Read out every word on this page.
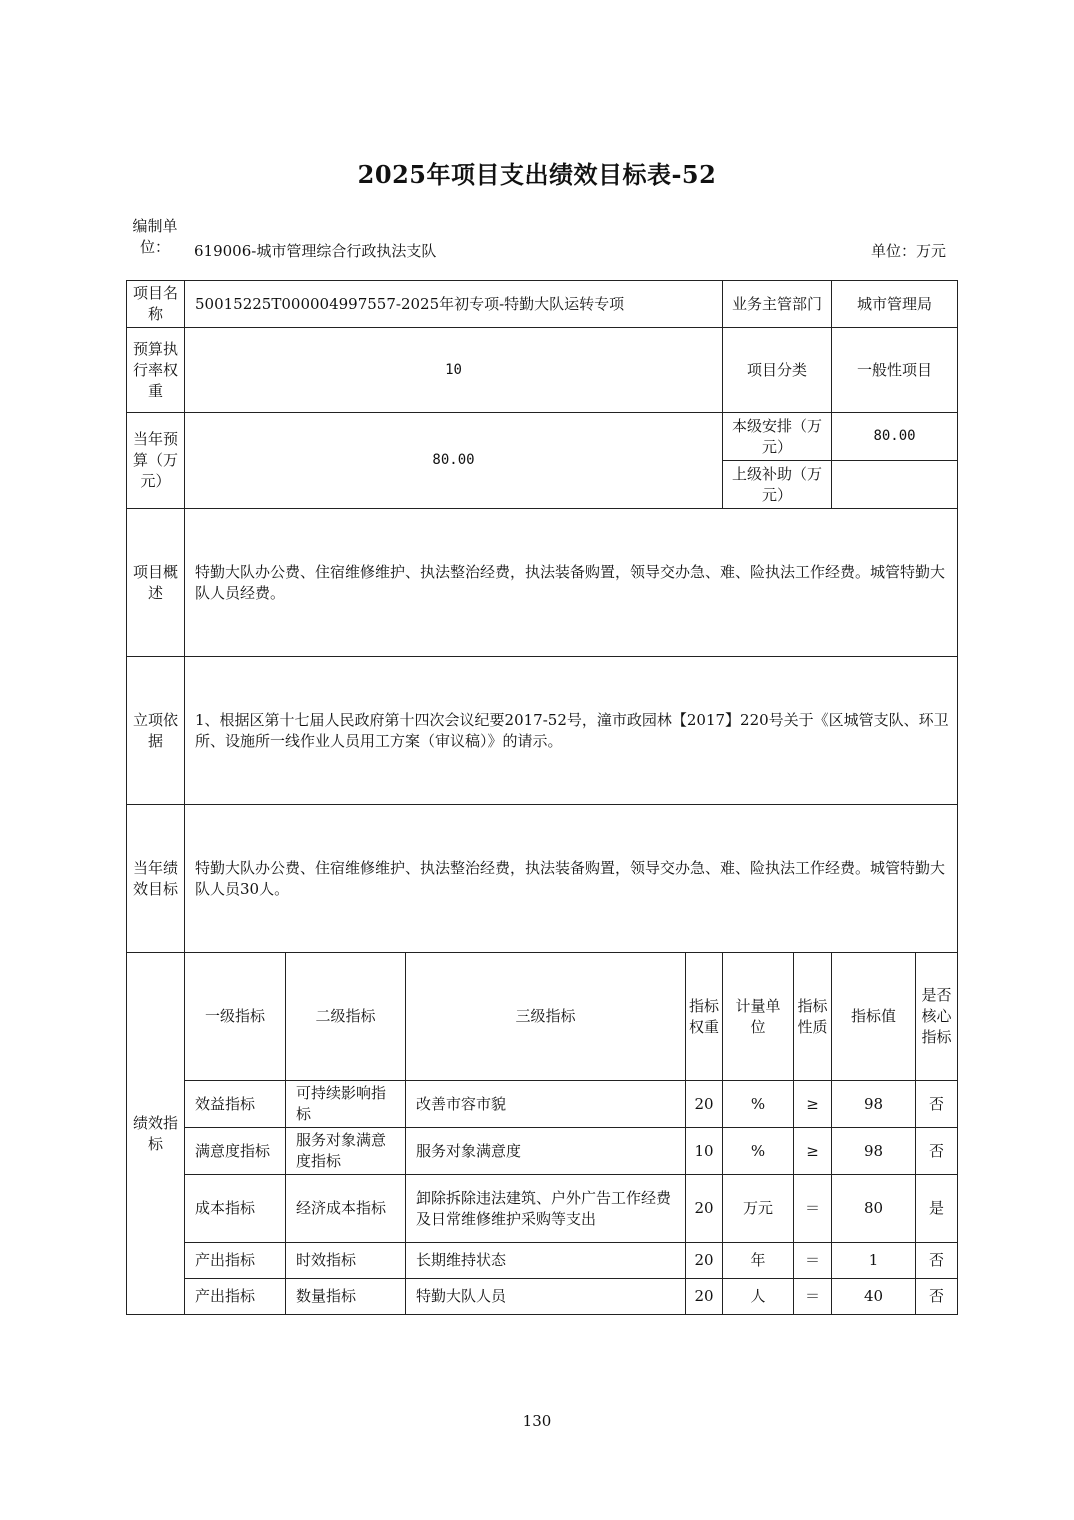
2025年项目支出绩效目标表-52
编制单位：	619006-城市管理综合行政执法支队	单位：万元
项目名称	50015225T000004997557-2025年初专项-特勤大队运转专项				业务主管部门		城市管理局	
预算执行率权重	10				项目分类		一般性项目	
当年预算（万元）	80.00				本级安排（万元）		80.00	
					上级补助（万元）			
项目概述	特勤大队办公费、住宿维修维护、执法整治经费，执法装备购置，领导交办急、难、险执法工作经费。城管特勤大队人员经费。							
立项依据	1、根据区第十七届人民政府第十四次会议纪要2017-52号，潼市政园林【2017】220号关于《区城管支队、环卫所、设施所一线作业人员用工方案（审议稿）》的请示。							
当年绩效目标	特勤大队办公费、住宿维修维护、执法整治经费，执法装备购置，领导交办急、难、险执法工作经费。城管特勤大队人员30人。							
绩效指标	一级指标	二级指标	三级指标	指标权重	计量单位	指标性质	指标值	是否核心指标
	效益指标	可持续影响指标	改善市容市貌	20	%	≥	98	否
	满意度指标	服务对象满意度指标	服务对象满意度	10	%	≥	98	否
	成本指标	经济成本指标	卸除拆除违法建筑、户外广告工作经费及日常维修维护采购等支出	20	万元	＝	80	是
	产出指标	时效指标	长期维持状态	20	年	＝	1	否
	产出指标	数量指标	特勤大队人员	20	人	＝	40	否
130
